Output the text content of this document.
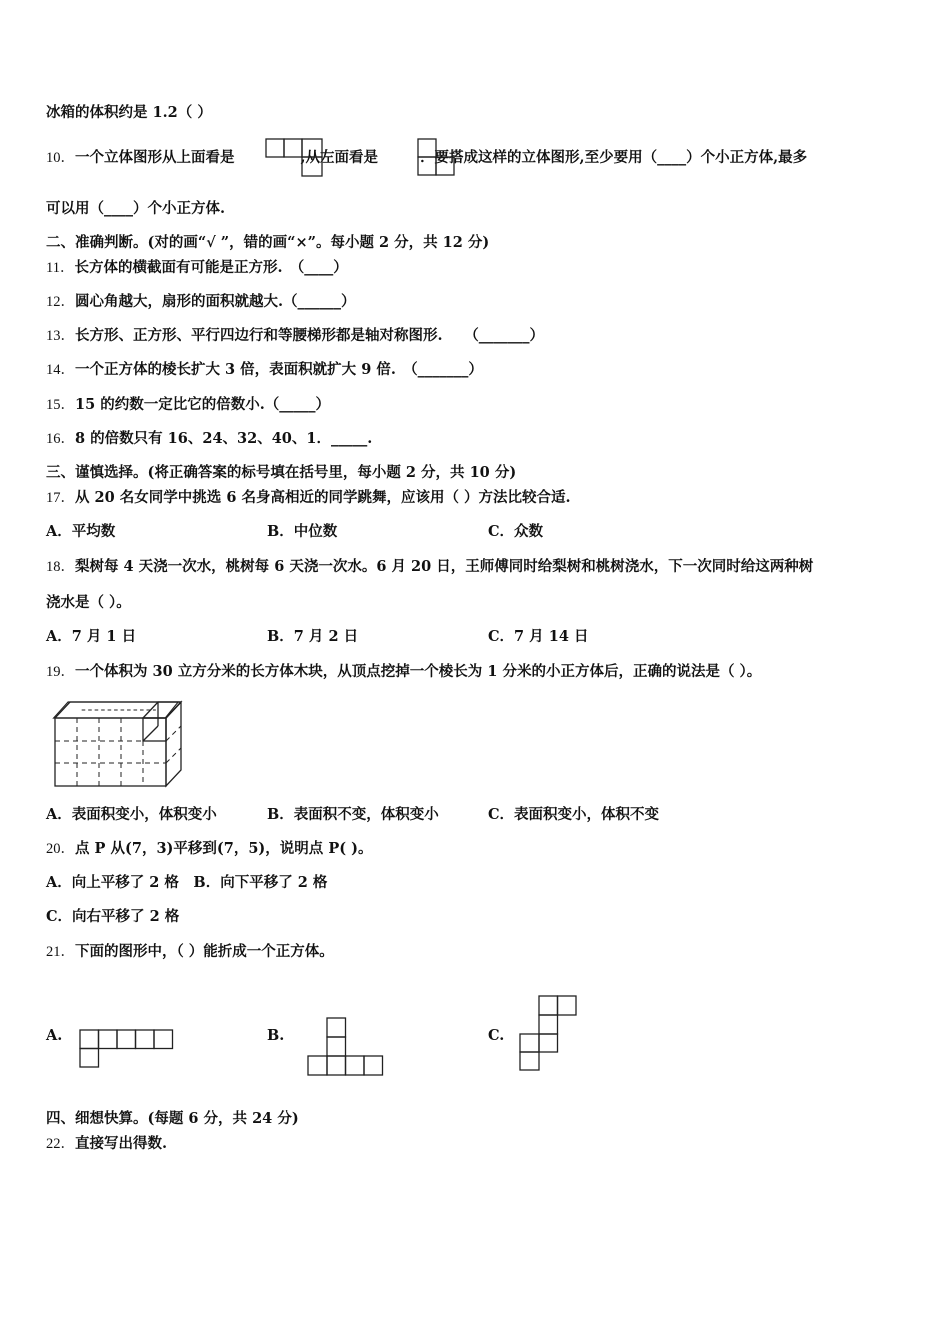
冰箱的体积约是 1.2（ ）
10．一个立体图形从上面看是	,从左面看是	．要搭成这样的立体图形,至少要用（____）个小正方体,最多
可以用（____）个小正方体.
二、准确判断。(对的画“√ ”，错的画“×”。每小题 2 分，共 12 分)
11．长方体的横截面有可能是正方形.　（____）
12．圆心角越大，扇形的面积就越大.（______）
13．长方形、正方形、平行四边行和等腰梯形都是轴对称图形.　　（_______）
14．一个正方体的棱长扩大 3 倍，表面积就扩大 9 倍.　（_______）
15．15 的约数一定比它的倍数小.（_____）
16．8 的倍数只有 16、24、32、40、1．_____.
三、谨慎选择。(将正确答案的标号填在括号里，每小题 2 分，共 10 分)
17．从 20 名女同学中挑选 6 名身高相近的同学跳舞，应该用（ ）方法比较合适.
A．平均数	B．中位数	C．众数
18．梨树每 4 天浇一次水，桃树每 6 天浇一次水。6 月 20 日，王师傅同时给梨树和桃树浇水，下一次同时给这两种树
浇水是（ ）。
A．7 月 1 日	B．7 月 2 日	C．7 月 14 日
19．一个体积为 30 立方分米的长方体木块，从顶点挖掉一个棱长为 1 分米的小正方体后，正确的说法是（ ）。
A．表面积变小，体积变小	B．表面积不变，体积变小	C．表面积变小，体积不变
20．点 P 从(7，3)平移到(7，5)，说明点 P( )。
A．向上平移了 2 格　B．向下平移了 2 格
C．向右平移了 2 格
21．下面的图形中，（ ）能折成一个正方体。
A.	B.	C.
四、细想快算。(每题 6 分，共 24 分)
22．直接写出得数.
